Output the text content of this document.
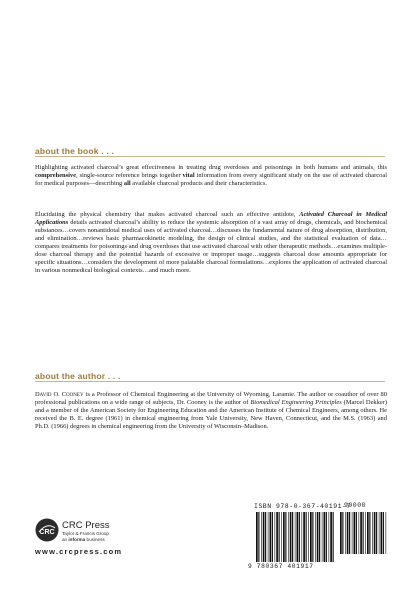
about the book . . .

Highlighting activated charcoal’s great effectiveness in treating drug overdoses and poisonings in both humans and animals, this comprehensive, single-source reference brings together vital information from every significant study on the use of activated charcoal for medical purposes—describing all available charcoal products and their characteristics.

Elucidating the physical chemistry that makes activated charcoal such an effective antidote, Activated Charcoal in Medical Applications details activated charcoal’s ability to reduce the systemic absorption of a vast array of drugs, chemicals, and biochemical substances…covers nonantidotal medical uses of activated charcoal…discusses the fundamental nature of drug absorption, distribution, and elimination…reviews basic pharmacokinetic modeling, the design of clinical studies, and the statistical evaluation of data…compares treatments for poisonings and drug overdoses that use activated charcoal with other therapeutic methods…examines multiple-dose charcoal therapy and the potential hazards of excessive or improper usage…suggests charcoal dose amounts appropriate for specific situations…considers the development of more palatable charcoal formulations…explores the application of activated charcoal in various nonmedical biological contexts…and much more.

about the author . . .

David O. Cooney is a Professor of Chemical Engineering at the University of Wyoming, Laramie. The author or coauthor of over 80 professional publications on a wide range of subjects, Dr. Cooney is the author of Biomedical Engineering Principles (Marcel Dekker) and a member of the American Society for Engineering Education and the American Institute of Chemical Engineers, among others. He received the B. E. degree (1961) in chemical engineering from Yale University, New Haven, Connecticut, and the M.S. (1963) and Ph.D. (1966) degrees in chemical engineering from the University of Wisconsin–Madison.

CRC
CRC Press
Taylor & Francis Group
an informa business
www.crcpress.com
ISBN 978-0-367-40191-7
90000
9 780367 401917
